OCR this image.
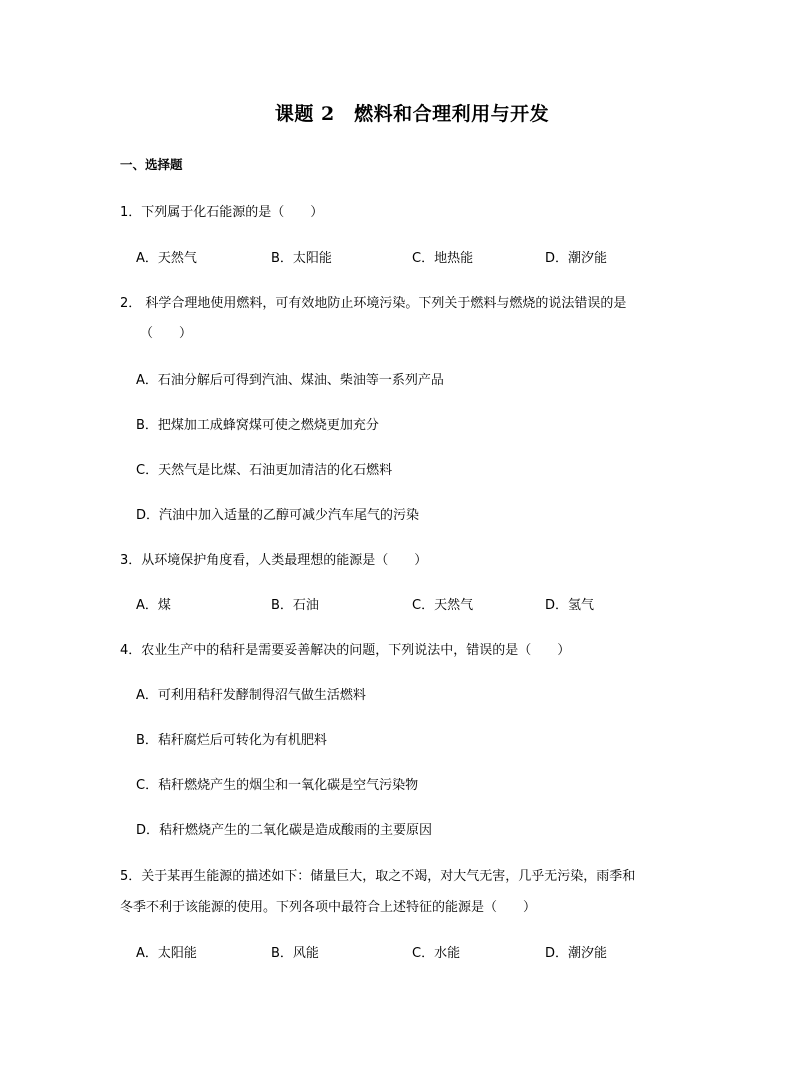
课题 2　燃料和合理利用与开发
一、选择题
1．下列属于化石能源的是（　　）
A．天然气	B．太阳能	C．地热能	D．潮汐能
2． 科学合理地使用燃料，可有效地防止环境污染。下列关于燃料与燃烧的说法错误的是
（　　）
A．石油分解后可得到汽油、煤油、柴油等一系列产品
B．把煤加工成蜂窝煤可使之燃烧更加充分
C．天然气是比煤、石油更加清洁的化石燃料
D．汽油中加入适量的乙醇可减少汽车尾气的污染
3．从环境保护角度看，人类最理想的能源是（　　）
A．煤	B．石油	C．天然气	D．氢气
4．农业生产中的秸秆是需要妥善解决的问题，下列说法中，错误的是（　　）
A．可利用秸秆发酵制得沼气做生活燃料
B．秸秆腐烂后可转化为有机肥料
C．秸秆燃烧产生的烟尘和一氧化碳是空气污染物
D．秸秆燃烧产生的二氧化碳是造成酸雨的主要原因
5．关于某再生能源的描述如下：储量巨大，取之不竭，对大气无害，几乎无污染，雨季和
冬季不利于该能源的使用。下列各项中最符合上述特征的能源是（　　）
A．太阳能	B．风能	C．水能	D．潮汐能
